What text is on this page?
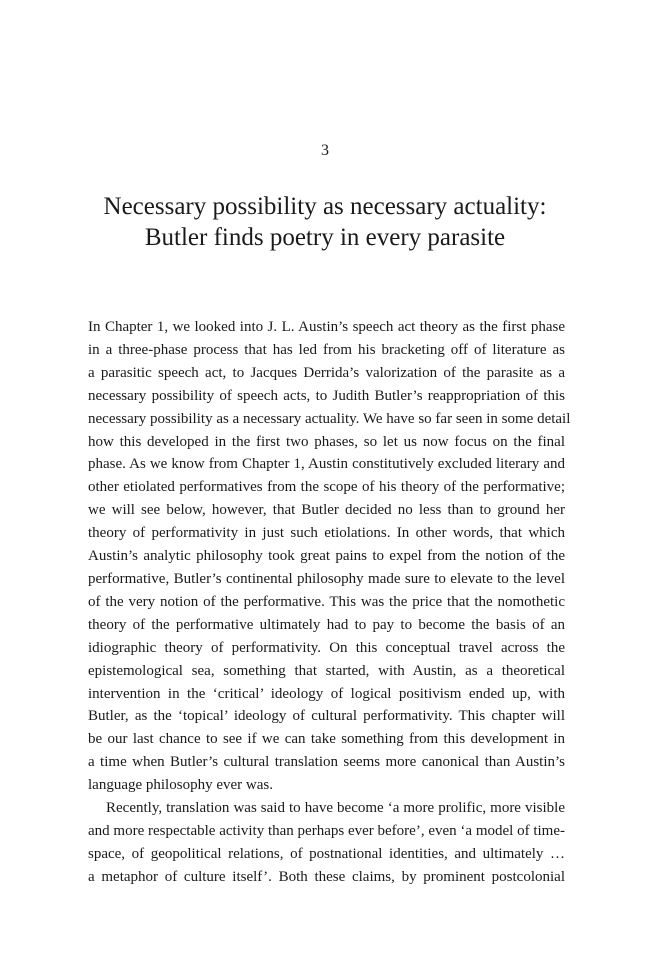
3
Necessary possibility as necessary actuality:
Butler finds poetry in every parasite

In Chapter 1, we looked into J. L. Austin’s speech act theory as the first phase
in a three-phase process that has led from his bracketing off of literature as
a parasitic speech act, to Jacques Derrida’s valorization of the parasite as a
necessary possibility of speech acts, to Judith Butler’s reappropriation of this
necessary possibility as a necessary actuality. We have so far seen in some detail
how this developed in the first two phases, so let us now focus on the final
phase. As we know from Chapter 1, Austin constitutively excluded literary and
other etiolated performatives from the scope of his theory of the performative;
we will see below, however, that Butler decided no less than to ground her
theory of performativity in just such etiolations. In other words, that which
Austin’s analytic philosophy took great pains to expel from the notion of the
performative, Butler’s continental philosophy made sure to elevate to the level
of the very notion of the performative. This was the price that the nomothetic
theory of the performative ultimately had to pay to become the basis of an
idiographic theory of performativity. On this conceptual travel across the
epistemological sea, something that started, with Austin, as a theoretical
intervention in the ‘critical’ ideology of logical positivism ended up, with
Butler, as the ‘topical’ ideology of cultural performativity. This chapter will
be our last chance to see if we can take something from this development in
a time when Butler’s cultural translation seems more canonical than Austin’s
language philosophy ever was.

Recently, translation was said to have become ‘a more prolific, more visible
and more respectable activity than perhaps ever before’, even ‘a model of time-
space, of geopolitical relations, of postnational identities, and ultimately …
a metaphor of culture itself’. Both these claims, by prominent postcolonial
